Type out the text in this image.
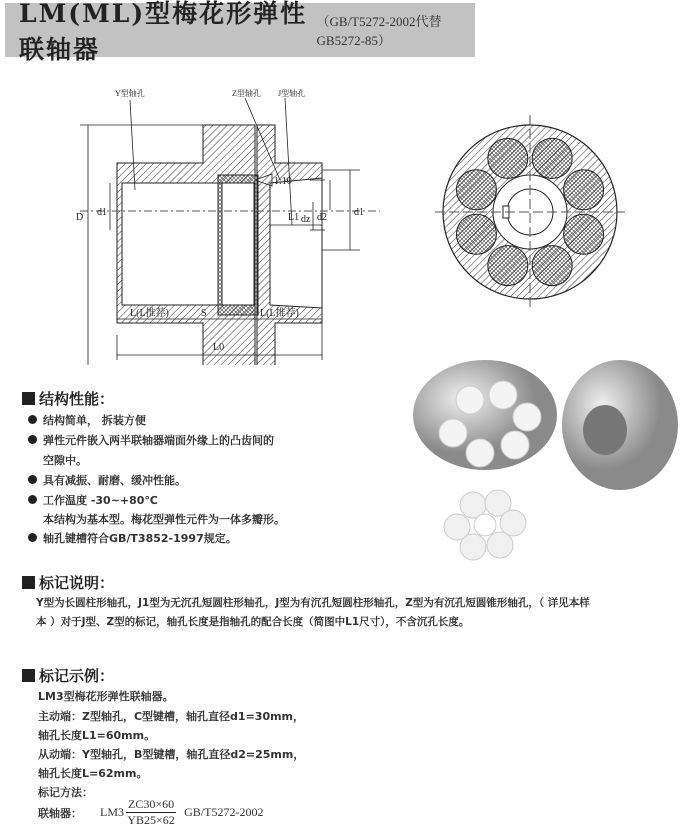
LM(ML)型梅花形弹性联轴器
（GB/T5272-2002代替GB5272-85）
Y型轴孔	Z型轴孔 J型轴孔
D d1
1:10
L1 d2
dz
d1
L(L推荐)	S	L(L推荐)
L0
结构性能：
结构简单， 拆装方便
弹性元件嵌入两半联轴器端面外缘上的凸齿间的
空隙中。
具有减振、耐磨、缓冲性能。
工作温度 -30~+80℃
本结构为基本型。梅花型弹性元件为一体多瓣形。
轴孔键槽符合GB/T3852-1997规定。
标记说明：
Y型为长圆柱形轴孔，J1型为无沉孔短圆柱形轴孔，J型为有沉孔短圆柱形轴孔，Z型为有沉孔短圆锥形轴孔，（ 详见本样
本 ）对于J型、Z型的标记，轴孔长度是指轴孔的配合长度（简图中L1尺寸），不含沉孔长度。
标记示例：
LM3型梅花形弹性联轴器。
主动端：Z型轴孔，C型键槽，轴孔直径d1=30mm，
轴孔长度L1=60mm。
从动端：Y型轴孔，B型键槽，轴孔直径d2=25mm，
轴孔长度L=62mm。
标记方法：
联轴器： $LM3 \frac{ZC30\times 60}{YB25\times 62} GB/T5272-2002$
